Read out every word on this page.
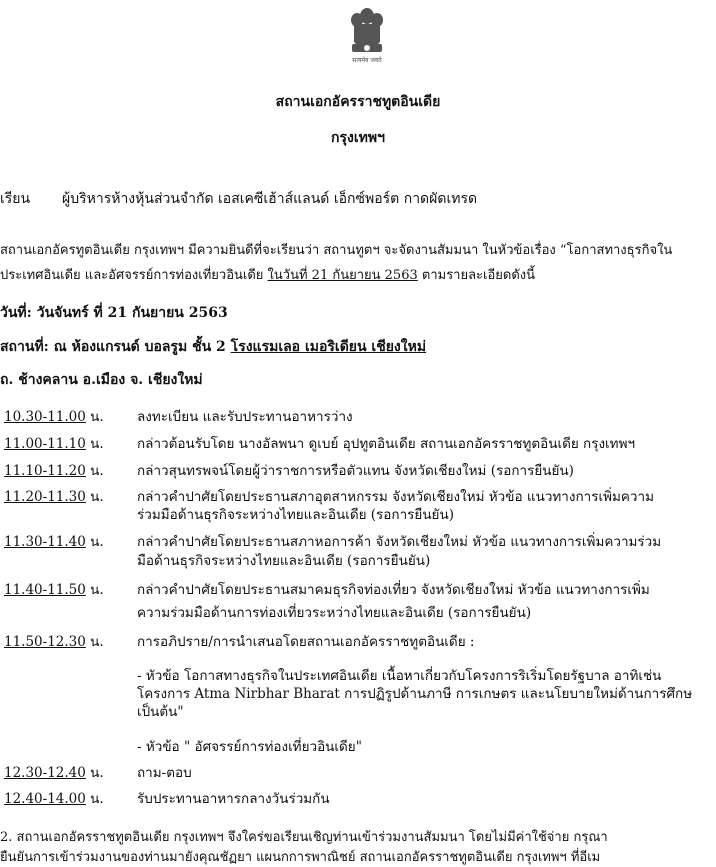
सत्यमेव जयते
สถานเอกอัครราชทูตอินเดีย
กรุงเทพฯ
เรียน ผู้บริหารห้างหุ้นส่วนจำกัด เอสเคซีเฮ้าส์แลนด์ เอ็กซ์พอร์ต กาดผัดเทรด
สถานเอกอัครทูตอินเดีย กรุงเทพฯ มีความยินดีที่จะเรียนว่า สถานทูตฯ จะจัดงานสัมมนา ในหัวข้อเรื่อง “โอกาสทางธุรกิจใน
ประเทศอินเดีย และอัศจรรย์การท่องเที่ยวอินเดีย ในวันที่ 21 กันยายน 2563 ตามรายละเอียดดังนี้
วันที่: วันจันทร์ ที่ 21 กันยายน 2563
สถานที่: ณ ห้องแกรนด์ บอลรูม ชั้น 2 โรงแรมเลอ เมอริเดียน เชียงใหม่
ถ. ช้างคลาน อ.เมือง จ. เชียงใหม่
10.30-11.00 น. ลงทะเบียน และรับประทานอาหารว่าง
11.00-11.10 น. กล่าวต้อนรับโดย นางอัลพนา ดูเบย์ อุปทูตอินเดีย สถานเอกอัครราชทูตอินเดีย กรุงเทพฯ
11.10-11.20 น. กล่าวสุนทรพจน์โดยผู้ว่าราชการหรือตัวแทน จังหวัดเชียงใหม่ (รอการยืนยัน)
11.20-11.30 น. กล่าวคำปาศัยโดยประธานสภาอุตสาหกรรม จังหวัดเชียงใหม่ หัวข้อ แนวทางการเพิ่มความ
ร่วมมือด้านธุรกิจระหว่างไทยและอินเดีย (รอการยืนยัน)
11.30-11.40 น. กล่าวคำปาศัยโดยประธานสภาหอการค้า จังหวัดเชียงใหม่ หัวข้อ แนวทางการเพิ่มความร่วม
มือด้านธุรกิจระหว่างไทยและอินเดีย (รอการยืนยัน)
11.40-11.50 น. กล่าวคำปาศัยโดยประธานสมาคมธุรกิจท่องเที่ยว จังหวัดเชียงใหม่ หัวข้อ แนวทางการเพิ่ม
ความร่วมมือด้านการท่องเที่ยวระหว่างไทยและอินเดีย (รอการยืนยัน)
11.50-12.30 น. การอภิปราย/การนำเสนอโดยสถานเอกอัครราชทูตอินเดีย :
- หัวข้อ โอกาสทางธุรกิจในประเทศอินเดีย เนื้อหาเกี่ยวกับโครงการริเริ่มโดยรัฐบาล อาทิเช่น
โครงการ Atma Nirbhar Bharat การปฏิรูปด้านภาษี การเกษตร และนโยบายใหม่ด้านการศึกษ
เป็นต้น"
- หัวข้อ " อัศจรรย์การท่องเที่ยวอินเดีย"
12.30-12.40 น. ถาม-ตอบ
12.40-14.00 น. รับประทานอาหารกลางวันร่วมกัน
2. สถานเอกอัครราชทูตอินเดีย กรุงเทพฯ จึงใคร่ขอเรียนเชิญท่านเข้าร่วมงานสัมมนา โดยไม่มีค่าใช้จ่าย กรุณา
ยืนยันการเข้าร่วมงานของท่านมายังคุณชัฏยา แผนกการพาณิชย์ สถานเอกอัครราชทูตอินเดีย กรุงเทพฯ ที่อีเม
